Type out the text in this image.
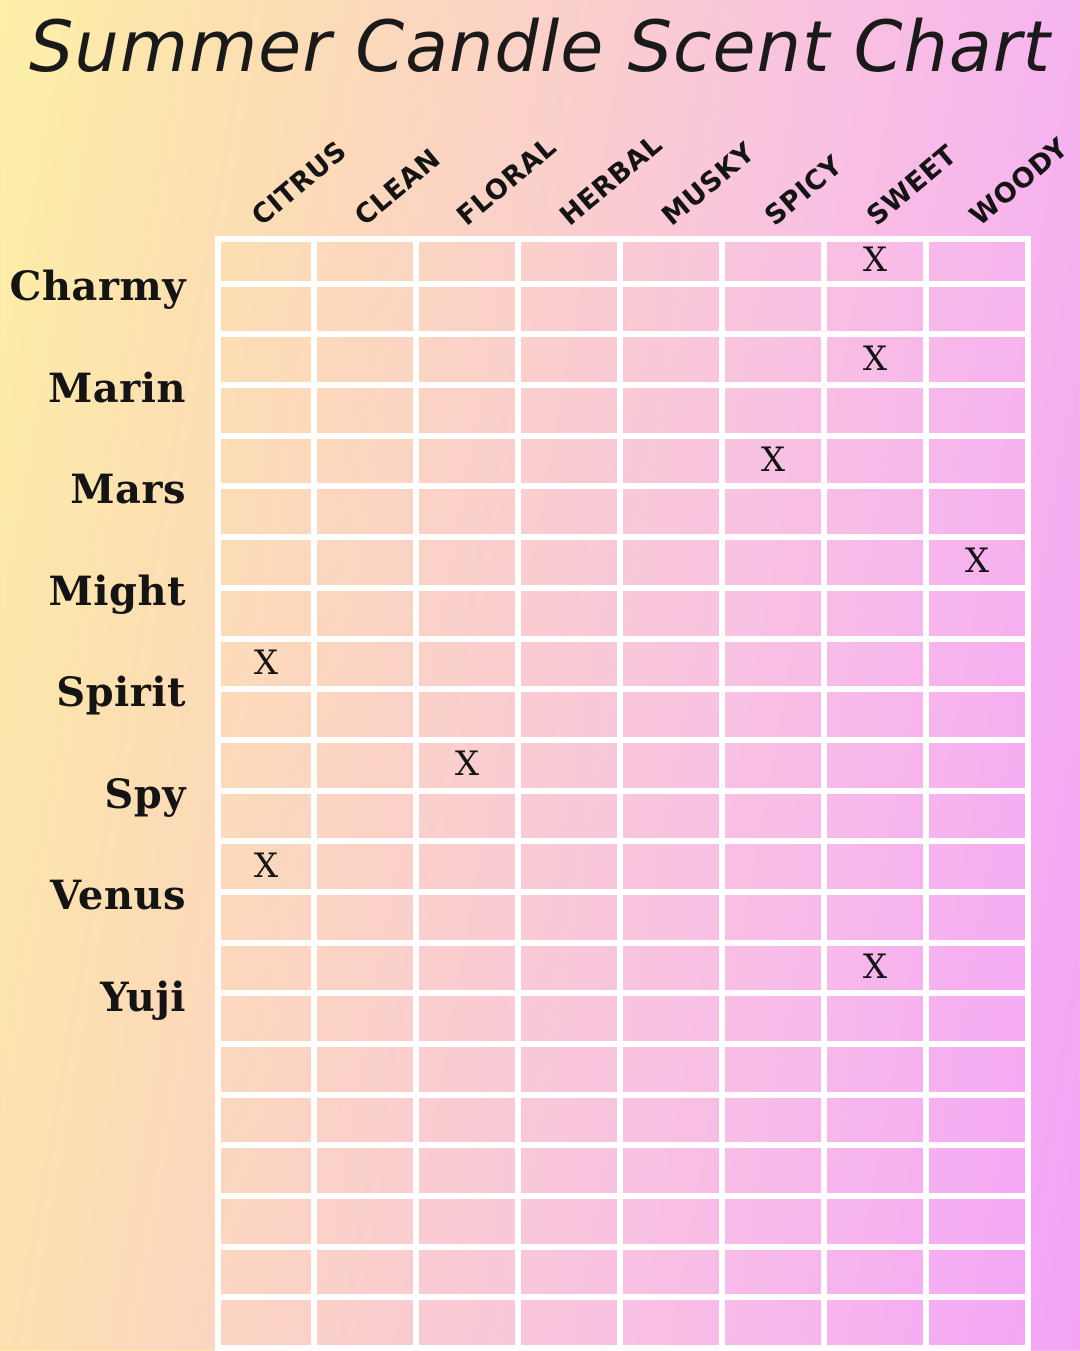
Summer Candle Scent Chart
CITRUS
CLEAN FLORAL
HERBAL
MUSKY
SPICY SWEET WOODY
Charmy
Marin
Mars
Might
Spirit
Spy
Venus
Yuji
X
X
X
X
X
X
X
X
